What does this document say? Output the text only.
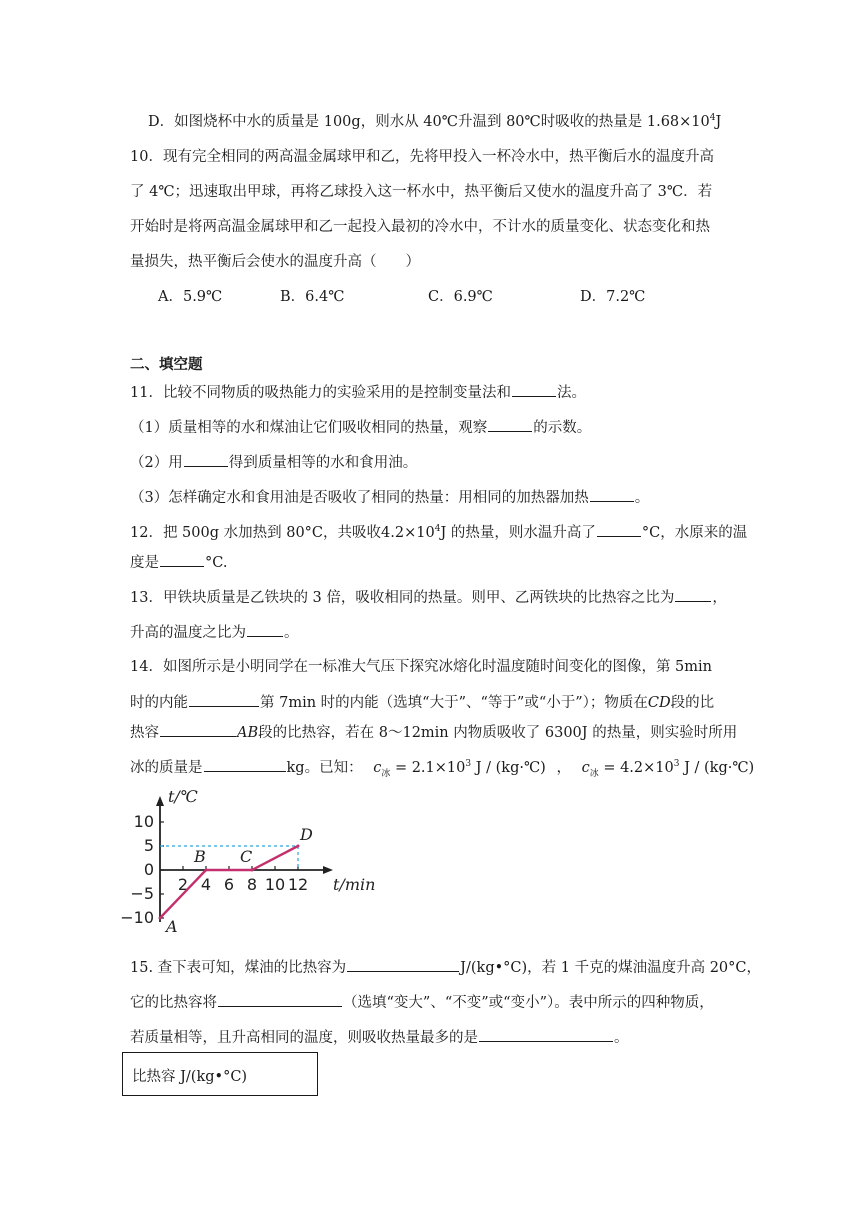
D．如图烧杯中水的质量是 100g，则水从 40℃升温到 80℃时吸收的热量是 $1.68\times 10^4J$
10．现有完全相同的两高温金属球甲和乙，先将甲投入一杯冷水中，热平衡后水的温度升高
了 4℃；迅速取出甲球，再将乙球投入这一杯水中，热平衡后又使水的温度升高了 3℃．若
开始时是将两高温金属球甲和乙一起投入最初的冷水中，不计水的质量变化、状态变化和热
量损失，热平衡后会使水的温度升高（　　）
A．5.9℃	B．6.4℃	C．6.9℃	D．7.2℃
二、填空题
11．比较不同物质的吸热能力的实验采用的是控制变量法和	法。
（1）质量相等的水和煤油让它们吸收相同的热量，观察	的示数。
（2）用	得到质量相等的水和食用油。
（3）怎样确定水和食用油是否吸收了相同的热量：用相同的加热器加热	。
12．把 500g 水加热到 80°C，共吸收$4.2\times 10^4J$ 的热量，则水温升高了	°C，水原来的温
度是	°C.
13．甲铁块质量是乙铁块的 3 倍，吸收相同的热量。则甲、乙两铁块的比热容之比为	，
升高的温度之比为	。
14．如图所示是小明同学在一标准大气压下探究冰熔化时温度随时间变化的图像，第 5min
时的内能	第 7min 时的内能（选填“大于”、“等于”或“小于”）；物质在CD段的比
热容	AB段的比热容，若在 8～12min 内物质吸收了 6300J 的热量，则实验时所用
冰的质量是	kg。已知： $c_冰 = 2.1\times 10^3$ J / (kg·℃) ， $c_冰 = 4.2\times 10^3$ J / (kg·℃)
t/℃
t/min
10
5
0
−5
−10
2 4 6 8 10 12
A
B C
D
15. 查下表可知，煤油的比热容为	J/(kg•°C)，若 1 千克的煤油温度升高 20°C，
它的比热容将	（选填“变大”、“不变”或“变小”）。表中所示的四种物质，
若质量相等，且升高相同的温度，则吸收热量最多的是	。
比热容 J/(kg•°C)
